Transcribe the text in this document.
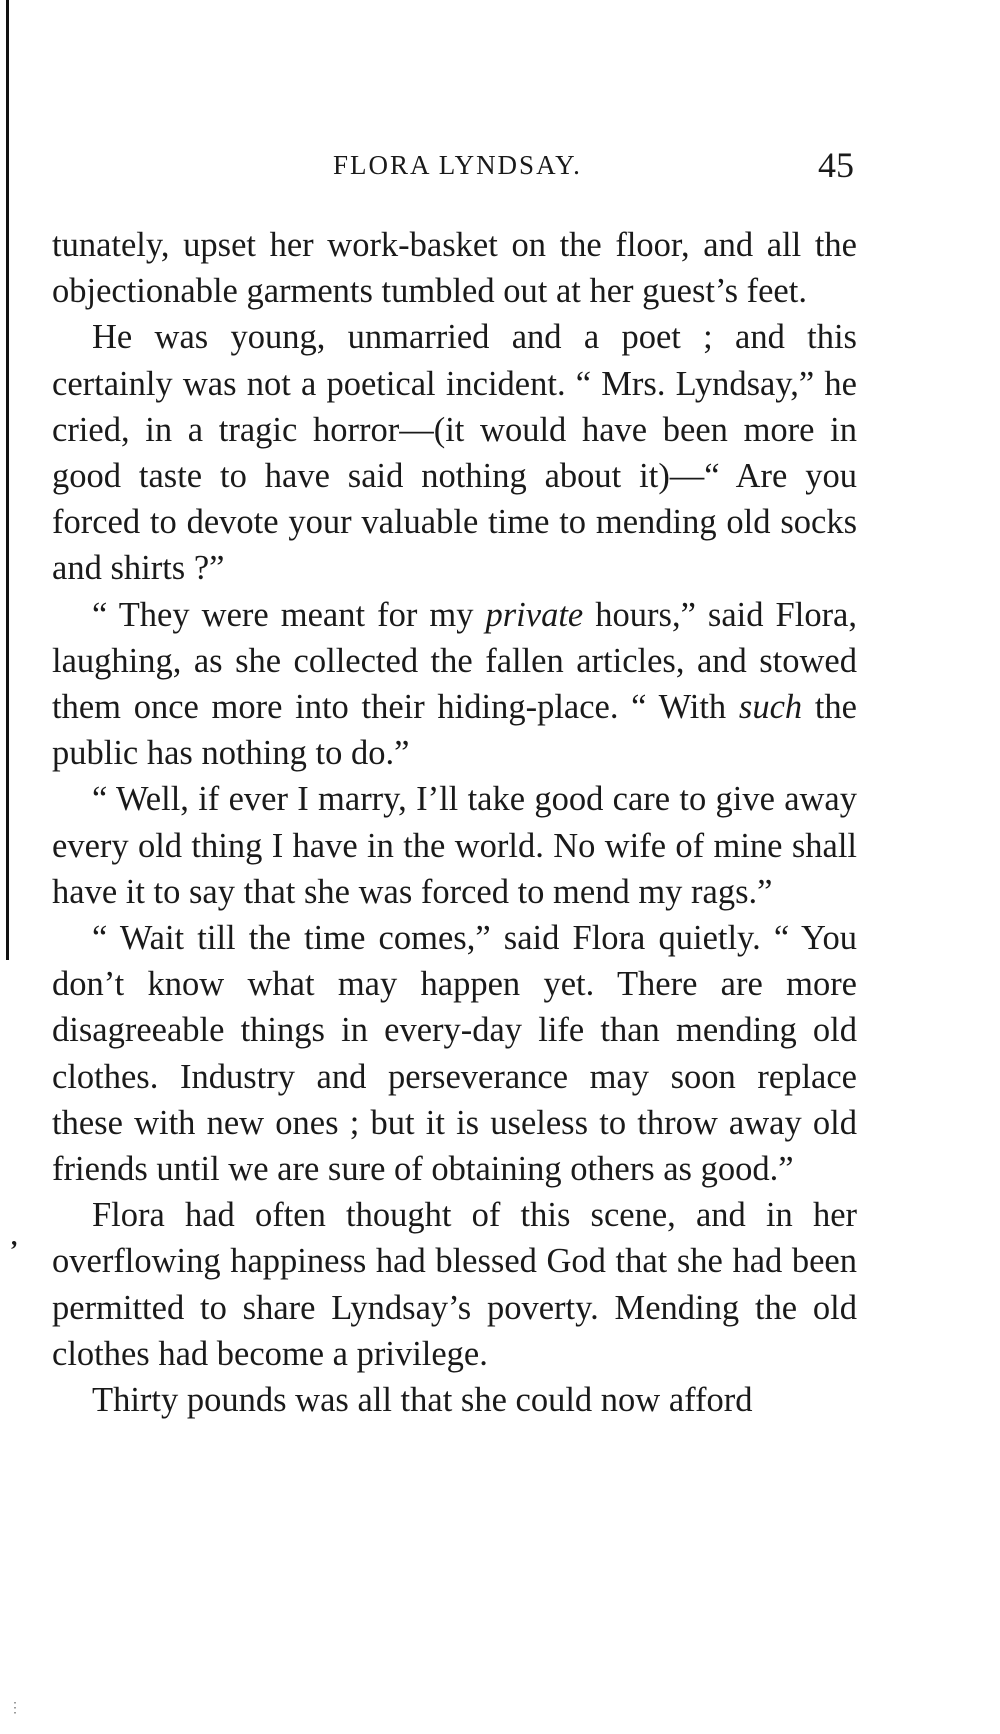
FLORA LYNDSAY.	45

tunately, upset her work-basket on the floor, and all the objectionable garments tumbled out at her guest’s feet.

He was young, unmarried and a poet ; and this certainly was not a poetical incident. “ Mrs. Lyndsay,” he cried, in a tragic horror—(it would have been more in good taste to have said nothing about it)—“ Are you forced to devote your valuable time to mending old socks and shirts ?”

“ They were meant for my private hours,” said Flora, laughing, as she collected the fallen articles, and stowed them once more into their hiding-place. “ With such the public has nothing to do.”

“ Well, if ever I marry, I’ll take good care to give away every old thing I have in the world. No wife of mine shall have it to say that she was forced to mend my rags.”

“ Wait till the time comes,” said Flora quietly. “ You don’t know what may happen yet. There are more disagreeable things in every-day life than mending old clothes. Industry and perseverance may soon replace these with new ones ; but it is useless to throw away old friends until we are sure of obtaining others as good.”

Flora had often thought of this scene, and in her overflowing happiness had blessed God that she had been permitted to share Lyndsay’s poverty. Mending the old clothes had become a privilege.

Thirty pounds was all that she could now afford

,
⋮
